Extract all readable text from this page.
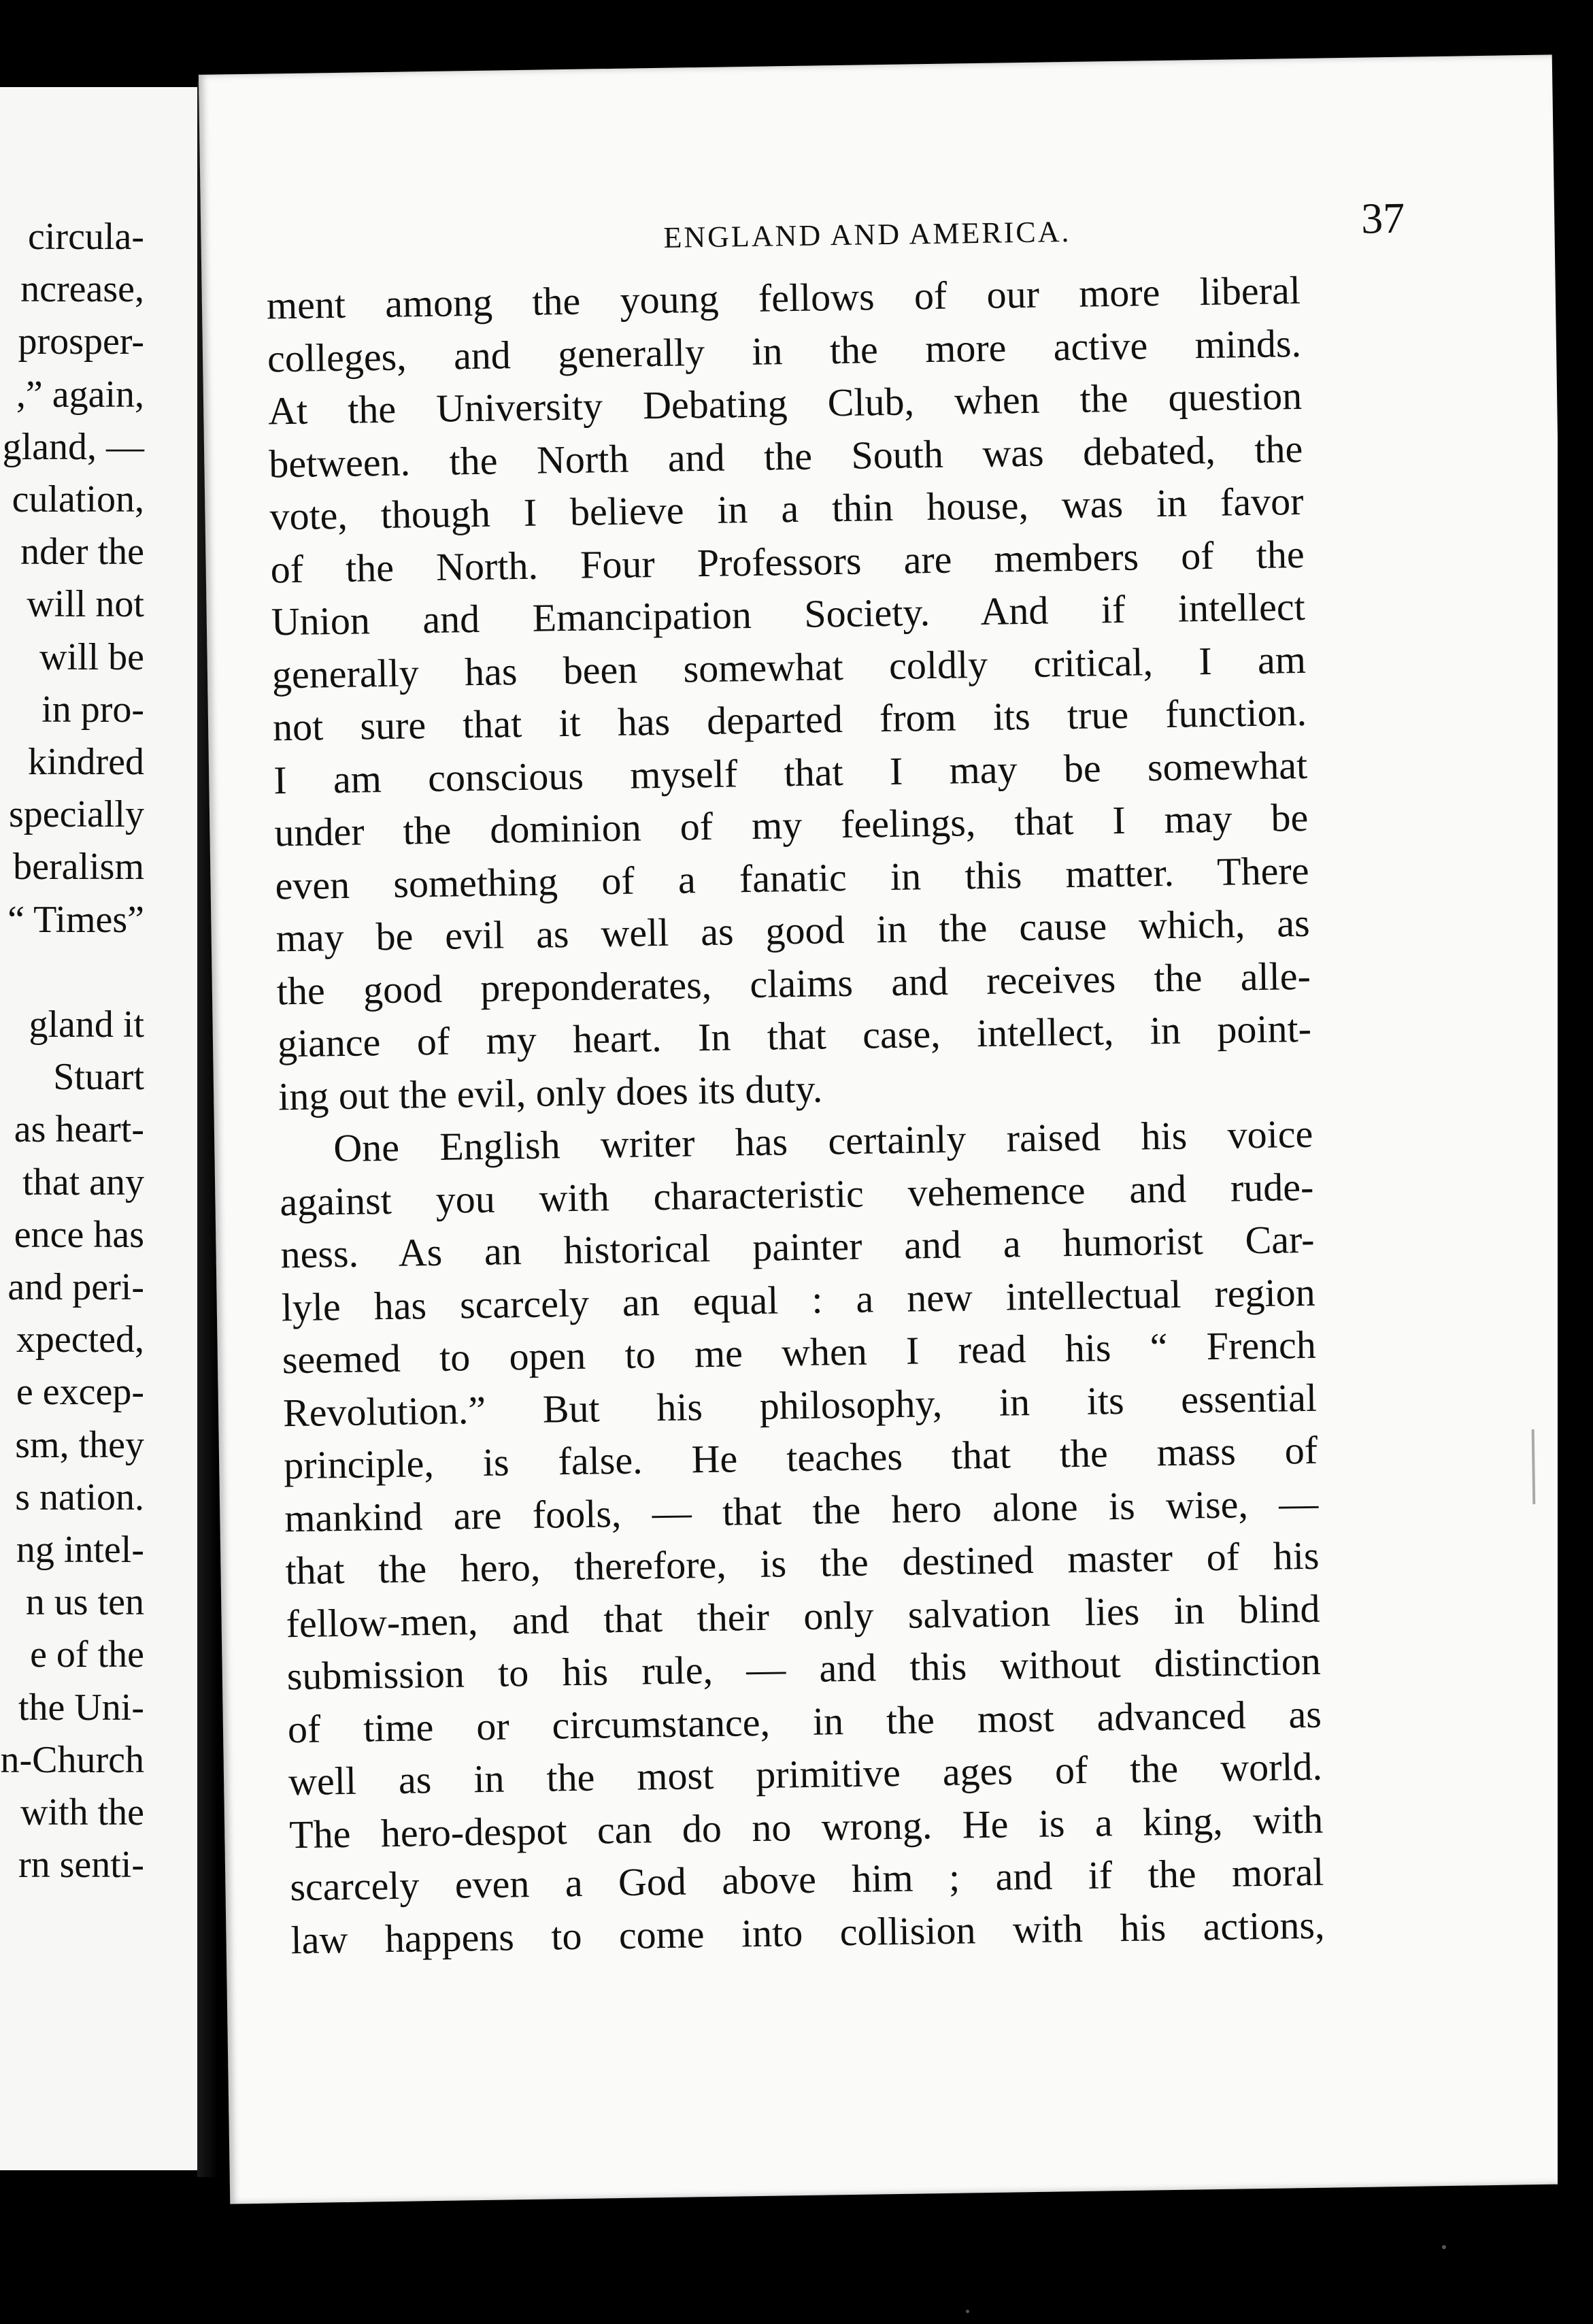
circula-
ncrease,
prosper-
,” again,
gland, —
culation,
nder the
will not
will be
in pro-
kindred
specially
beralism
“ Times”
gland it
Stuart
as heart-
that any
ence has
and peri-
xpected,
e excep-
sm, they
s nation.
ng intel-
n us ten
e of the
the Uni-
n-Church
with the
rn senti-
ENGLAND AND AMERICA.	37
ment among the young fellows of our more liberal
colleges, and generally in the more active minds.
At the University Debating Club, when the question
between. the North and the South was debated, the
vote, though I believe in a thin house, was in favor
of the North. Four Professors are members of the
Union and Emancipation Society. And if intellect
generally has been somewhat coldly critical, I am
not sure that it has departed from its true function.
I am conscious myself that I may be somewhat
under the dominion of my feelings, that I may be
even something of a fanatic in this matter. There
may be evil as well as good in the cause which, as
the good preponderates, claims and receives the alle-
giance of my heart. In that case, intellect, in point-
ing out the evil, only does its duty.
One English writer has certainly raised his voice
against you with characteristic vehemence and rude-
ness. As an historical painter and a humorist Car-
lyle has scarcely an equal : a new intellectual region
seemed to open to me when I read his “ French
Revolution.” But his philosophy, in its essential
principle, is false. He teaches that the mass of
mankind are fools, — that the hero alone is wise, —
that the hero, therefore, is the destined master of his
fellow-men, and that their only salvation lies in blind
submission to his rule, — and this without distinction
of time or circumstance, in the most advanced as
well as in the most primitive ages of the world.
The hero-despot can do no wrong. He is a king, with
scarcely even a God above him ; and if the moral
law happens to come into collision with his actions,
